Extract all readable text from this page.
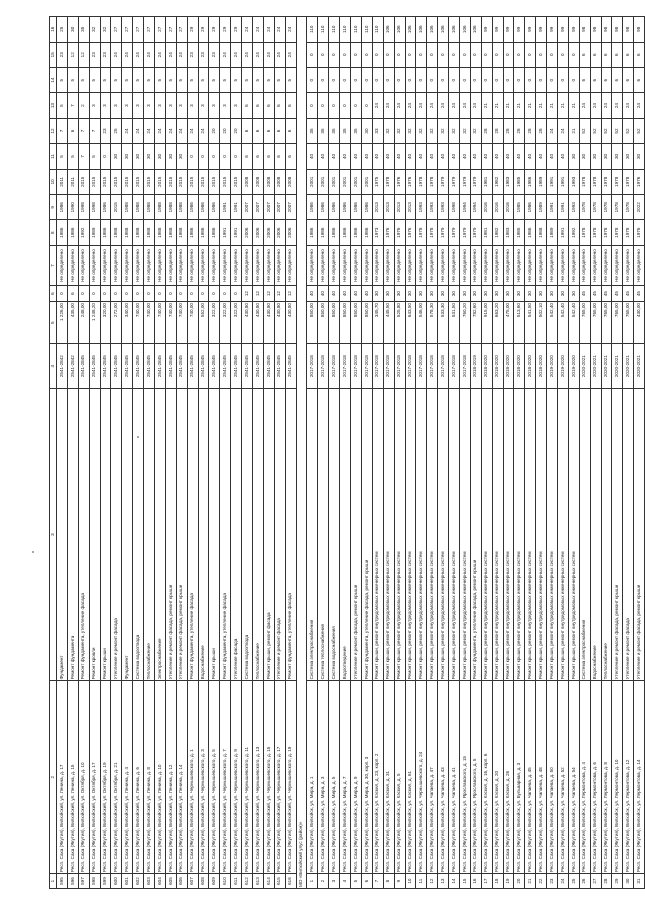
1	2	3	4	5	6	7	8	9	10	11	12	13	14	15	16
595	Респ. Саха (Якутия), Вилюйский, ул. Ленина, д. 17	Фундамент	2541-2842	1 226,00	0	Не определено	1986	1986	2011	5	7	5	5	23	25
596	Респ. Саха (Якутия), Вилюйский, ул. Ленина, д. 15	Ремонт фундамента	2541-2842	435,00	6	Не определено	1986	1990	2011	5	6	7	5	12	30
597	Респ. Саха (Якутия), Вилюйский, ул. Октября, д. 10	Ремонт фундамента, утепление фасада	2541-2845	248,00	0	Не определено	1992	1998	2015	7	7	2	5	12	35
598	Респ. Саха (Якутия), Вилюйский, ул. Октября, д. 17	Ремонт кровли	2541-2845	1 248,20	0	Не определено	1989	1998	2015	5	7	3	5	23	32
599	Респ. Саха (Якутия), Вилюйский, ул. Октября, д. 19	Ремонт крыши	2541-2845	320,00	0	Не определено	1986	1986	2015	0	23	3	5	23	32
600	Респ. Саха (Якутия), Вилюйский, ул. Октября, д. 21	Утепление и ремонт фасада	2541-2845	272,00	0	Не определено	1988	2015	2015	30	25	3	5	24	27
601	Респ. Саха (Якутия), Вилюйский, ул. Ленина, д. 4	Фундамент	2541-2845	340,00	0	Не определено	1988	1988	2015	30	24	3	5	24	27
602	Респ. Саха (Якутия), Вилюйский, ул. Ленина, д. 6	Система водоотвода	2541-2845	740,00	0	Не определено	1988	1988	2015	30	24	3	5	24	27
603	Респ. Саха (Якутия), Вилюйский, ул. Ленина, д. 8	Теплоснабжение	2541-2845	740,00	0	Не определено	1988	1988	2015	30	24	3	5	24	27
604	Респ. Саха (Якутия), Вилюйский, ул. Ленина, д. 10	Электроснабжение	2541-2845	740,00	0	Не определено	1988	1988	2015	30	24	3	5	24	27
605	Респ. Саха (Якутия), Вилюйский, ул. Ленина, д. 12	Утепление и ремонт фасада, ремонт крыши	2541-2845	740,00	0	Не определено	1988	1988	2015	30	24	3	5	24	27
606	Респ. Саха (Якутия), Вилюйский, ул. Ленина, д. 14	Утепление и ремонт фасада, ремонт крыши	2541-2845	740,00	0	Не определено	1988	1988	2015	30	24	3	5	24	27
607	Респ. Саха (Якутия), Вилюйский, ул. Чернышевского, д. 1	Ремонт фундамента, утепление фасада	2541-2845	740,00	0	Не определено	1986	1986	2015	0	24	3	5	23	29
608	Респ. Саха (Якутия), Вилюйский, ул. Чернышевского, д. 3	Водоснабжение	2541-2845	552,00	0	Не определено	1986	1986	2015	0	24	3	5	23	29
609	Респ. Саха (Якутия), Вилюйский, ул. Чернышевского, д. 5	Ремонт крыши	2541-2845	322,00	0	Не определено	1986	1986	2015	0	20	3	5	23	29
610	Респ. Саха (Якутия), Вилюйский, ул. Чернышевского, д. 7	Ремонт фундамента, утепление фасада	2541-2845	322,00	0	Не определено	1991	1991	2015	0	20	3	5	24	29
611	Респ. Саха (Якутия), Вилюйский, ул. Чернышевского, д. 9	Утепление фасада	2541-2845	322,00	0	Не определено	1991	1991	2015	0	20	3	5	24	29
612	Респ. Саха (Якутия), Вилюйский, ул. Чернышевского, д. 11	Система водоотвода	2541-2845	430,80	12	Не определено	2006	2007	2008	6	6	6	5	24	24
613	Респ. Саха (Якутия), Вилюйский, ул. Чернышевского, д. 13	Теплоснабжение	2541-2845	430,80	12	Не определено	2006	2007	2008	6	6	6	5	24	24
614	Респ. Саха (Якутия), Вилюйский, ул. Чернышевского, д. 15	Ремонт крыши, ремонт фасада	2541-2845	430,80	12	Не определено	2006	2007	2008	6	6	6	5	24	24
615	Респ. Саха (Якутия), Вилюйский, ул. Чернышевского, д. 17	Утепление и ремонт фасада	2541-2845	430,80	12	Не определено	2006	2007	2008	6	6	6	5	24	24
616	Респ. Саха (Якутия), Вилюйский, ул. Чернышевского, д. 19	Ремонт фундамента, утепление фасада	2541-2845	430,80	12	Не определено	2006	2007	2008	6	6	6	5	24	24
МО «Вилюйский улус (район)»															
1	Респ. Саха (Якутия), Вилюйск, ул. Мира, д. 1	Система электроснабжения	2017-2018	850,00	40	Не определено	1986	1986	2001	40	35	0	0	0	110
2	Респ. Саха (Якутия), Вилюйск, ул. Мира, д. 3	Система теплоснабжения	2017-2018	850,00	40	Не определено	1986	1986	2001	40	35	0	0	0	110
3	Респ. Саха (Якутия), Вилюйск, ул. Мира, д. 5	Система водоснабжения	2017-2018	850,00	40	Не определено	1986	1986	2001	40	35	0	0	0	110
4	Респ. Саха (Якутия), Вилюйск, ул. Мира, д. 7	Водоотведение	2017-2018	850,00	40	Не определено	1986	1986	2001	40	35	0	0	0	110
5	Респ. Саха (Якутия), Вилюйск, ул. Мира, д. 9	Утепление и ремонт фасада, ремонт крыши	2017-2018	850,00	40	Не определено	1986	1986	2001	40	35	0	0	0	110
6	Респ. Саха (Якутия), Вилюйск, ул. Мира, д. 30, корп. 3	Ремонт фундамента, утепление фасада, ремонт крыши	2017-2018	850,00	40	Не определено	1986	1986	2001	40	30	0	0	0	110
7	Респ. Саха (Якутия), Вилюйск, ул. Кэскил, д. 23, корп. 2	Ремонт крыши, ремонт внутридомовых инженерных систем	2017-2018	345,70	30	Не определено	1973	2013	1975	40	33	24	0	0	110
8	Респ. Саха (Якутия), Вилюйск, ул. Кэскил, д. 31	Ремонт крыши, ремонт внутридомовых инженерных систем	2017-2018	445,50	30	Не определено	1976	2013	1978	40	32	24	0	0	106
9	Респ. Саха (Якутия), Вилюйск, ул. Кэскил, д. 5	Ремонт крыши, ремонт внутридомовых инженерных систем	2017-2018	525,80	30	Не определено	1976	2013	1976	40	32	24	0	0	106
10	Респ. Саха (Якутия), Вилюйск, ул. Кэскил, д. 61	Ремонт крыши, ремонт внутридомовых инженерных систем	2017-2018	643,50	30	Не определено	1976	2013	1976	40	32	24	0	0	106
11	Респ. Саха (Якутия), Вилюйск, ул. Чернышевского, д. 24	Ремонт крыши, ремонт внутридомовых инженерных систем	2017-2018	546,00	30	Не определено	1978	1993	1978	40	32	24	0	0	106
12	Респ. Саха (Якутия), Вилюйск, ул. Чапаева, д. 47	Ремонт крыши, ремонт внутридомовых инженерных систем	2017-2018	578,30	30	Не определено	1978	1993	1978	40	32	24	0	0	106
13	Респ. Саха (Якутия), Вилюйск, ул. Чапаева, д. 43	Ремонт крыши, ремонт внутридомовых инженерных систем	2017-2018	533,30	30	Не определено	1979	1993	1979	40	32	24	0	0	106
14	Респ. Саха (Якутия), Вилюйск, ул. Чапаева, д. 41	Ремонт крыши, ремонт внутридомовых инженерных систем	2017-2018	531,50	30	Не определено	1979	1998	1979	40	32	24	0	0	106
15	Респ. Саха (Якутия), Вилюйск, ул. Ярославского, д. 15	Ремонт крыши, ремонт внутридомовых инженерных систем	2017-2018	760,20	30	Не определено	1979	1994	1979	40	32	24	0	0	106
16	Респ. Саха (Якутия), Вилюйск, ул. Ярославского, д. 5	Ремонт фундамента, утепление фасада, ремонт крыши	2018-2019	782,60	30	Не определено	1979	1994	1979	40	32	24	0	0	106
17	Респ. Саха (Якутия), Вилюйск, ул. Кэскил, д. 16, корп. 6	Ремонт крыши, ремонт внутридомовых инженерных систем	2018-2020	915,00	30	Не определено	1981	2016	1981	40	28	21	0	0	99
18	Респ. Саха (Якутия), Вилюйск, ул. Кэскил, д. 20	Ремонт крыши, ремонт внутридомовых инженерных систем	2018-2020	663,20	30	Не определено	1982	2016	1982	40	28	21	0	0	99
19	Респ. Саха (Якутия), Вилюйск, ул. Кэскил, д. 26	Ремонт крыши, ремонт внутридомовых инженерных систем	2018-2020	475,00	30	Не определено	1983	2016	1983	40	28	21	0	0	99
20	Респ. Саха (Якутия), Вилюйск, ул. Бульварная, д. 3	Ремонт крыши, ремонт внутридомовых инженерных систем	2018-2020	513,60	30	Не определено	1985	1985	1985	40	28	21	0	0	99
21	Респ. Саха (Якутия), Вилюйск, ул. Чапаева, д. 45	Ремонт крыши, ремонт внутридомовых инженерных систем	2018-2020	541,50	30	Не определено	1986	1986	1986	40	28	21	0	0	99
22	Респ. Саха (Якутия), Вилюйск, ул. Чапаева, д. 48	Ремонт крыши, ремонт внутридомовых инженерных систем	2018-2020	502,10	30	Не определено	1988	1989	1989	40	28	21	0	0	99
23	Респ. Саха (Якутия), Вилюйск, ул. Чапаева, д. 50	Ремонт крыши, ремонт внутридомовых инженерных систем	2019-2020	542,40	30	Не определено	1989	1991	1991	40	24	21	0	0	99
24	Респ. Саха (Якутия), Вилюйск, ул. Чапаева, д. 52	Ремонт крыши, ремонт внутридомовых инженерных систем	2019-2020	542,40	30	Не определено	1991	1991	1991	40	24	21	0	0	99
25	Респ. Саха (Якутия), Вилюйск, ул. Чапаева, д. 54	Ремонт крыши, ремонт внутридомовых инженерных систем	2019-2020	542,40	30	Не определено	1992	1993	1993	30	21	21	0	0	99
26	Респ. Саха (Якутия), Вилюйск, ул. Лермонтова, д. 4	Система электроснабжения	2020-2021	765,00	45	Не определено	1978	1978	1978	30	52	24	6	6	98
27	Респ. Саха (Якутия), Вилюйск, ул. Лермонтова, д. 6	Водоснабжение	2020-2021	765,00	45	Не определено	1978	1978	1978	30	52	24	6	6	98
28	Респ. Саха (Якутия), Вилюйск, ул. Лермонтова, д. 8	Теплоснабжение	2020-2021	765,00	45	Не определено	1978	1978	1978	30	52	24	6	6	98
29	Респ. Саха (Якутия), Вилюйск, ул. Лермонтова, д. 10	Утепление и ремонт фасада, ремонт крыши	2020-2021	765,00	45	Не определено	1978	1978	1978	30	52	24	6	6	98
30	Респ. Саха (Якутия), Вилюйск, ул. Лермонтова, д. 12	Утепление и ремонт фасада	2020-2021	765,00	45	Не определено	1978	1978	1978	30	52	24	6	6	98
31	Респ. Саха (Якутия), Вилюйск, ул. Лермонтова, д. 14	Утепление и ремонт фасада, ремонт крыши	2020-2021	430,00	45	Не определено	1976	2022	1976	30	52	24	6	6	98
